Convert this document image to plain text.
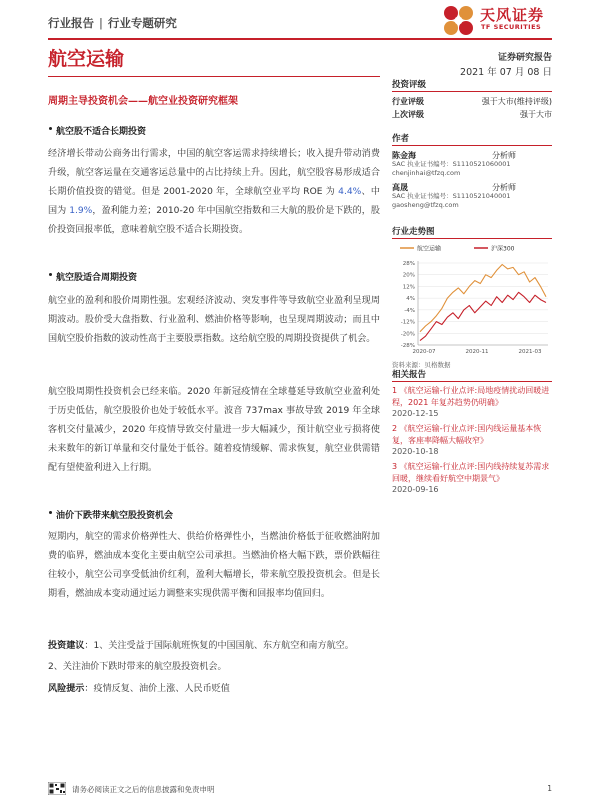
行业报告 | 行业专题研究	天风证券
TF SECURITIES
航空运输	证券研究报告
2021 年 07 月 08 日
周期主导投资机会——航空业投资研究框架
航空股不适合长期投资
经济增长带动公商务出行需求，中国的航空客运需求持续增长；收入提升带动消费升级，航空客运量在交通客运总量中的占比持续上升。因此，航空股容易形成适合长期价值投资的错觉。但是 2001-2020 年，全球航空业平均 ROE 为 4.4%、中国为 1.9%，盈利能力差；2010-20 年中国航空指数和三大航的股价是下跌的，股价投资回报率低，意味着航空股不适合长期投资。
航空股适合周期投资
航空业的盈利和股价周期性强。宏观经济波动、突发事件等导致航空业盈利呈现周期波动。股价受大盘指数、行业盈利、燃油价格等影响，也呈现周期波动；而且中国航空股价指数的波动性高于主要股票指数。这给航空股的周期投资提供了机会。
航空股周期性投资机会已经来临。2020 年新冠疫情在全球蔓延导致航空业盈利处于历史低估，航空股股价也处于较低水平。波音 737max 事故导致 2019 年全球客机交付量减少，2020 年疫情导致交付量进一步大幅减少，预计航空业亏损将使未来数年的新订单量和交付量处于低谷。随着疫情缓解、需求恢复，航空业供需错配有望使盈利进入上行期。
油价下跌带来航空股投资机会
短期内，航空的需求价格弹性大、供给价格弹性小，当燃油价格低于征收燃油附加费的临界，燃油成本变化主要由航空公司承担。当燃油价格大幅下跌，票价跌幅往往较小，航空公司享受低油价红利，盈利大幅增长，带来航空股投资机会。但是长期看，燃油成本变动通过运力调整来实现供需平衡和回报率均值回归。
投资建议：1、关注受益于国际航班恢复的中国国航、东方航空和南方航空。
2、关注油价下跌时带来的航空股投资机会。
风险提示：疫情反复、油价上涨、人民币贬值
投资评级
行业评级	强于大市(维持评级)
上次评级	强于大市
作者
陈金海	分析师
SAC 执业证书编号：S1110521060001
chenjinhai@tfzq.com
高晟	分析师
SAC 执业证书编号：S1110521040001
gaosheng@tfzq.com
行业走势图
航空运输	沪深300
28%
20%
12%
4%
-4%
-12%
-20%
-28%
2020-07	2020-11	2021-03
资料来源：贝格数据
相关报告
1 《航空运输-行业点评:局地疫情扰动回暖进程，2021 年复苏趋势仍明确》
2020-12-15
2 《航空运输-行业点评:国内线运量基本恢复，客座率降幅大幅收窄》
2020-10-18
3 《航空运输-行业点评:国内线持续复苏需求回暖，继续看好航空中期景气》
2020-09-16
请务必阅读正文之后的信息披露和免责申明	1
